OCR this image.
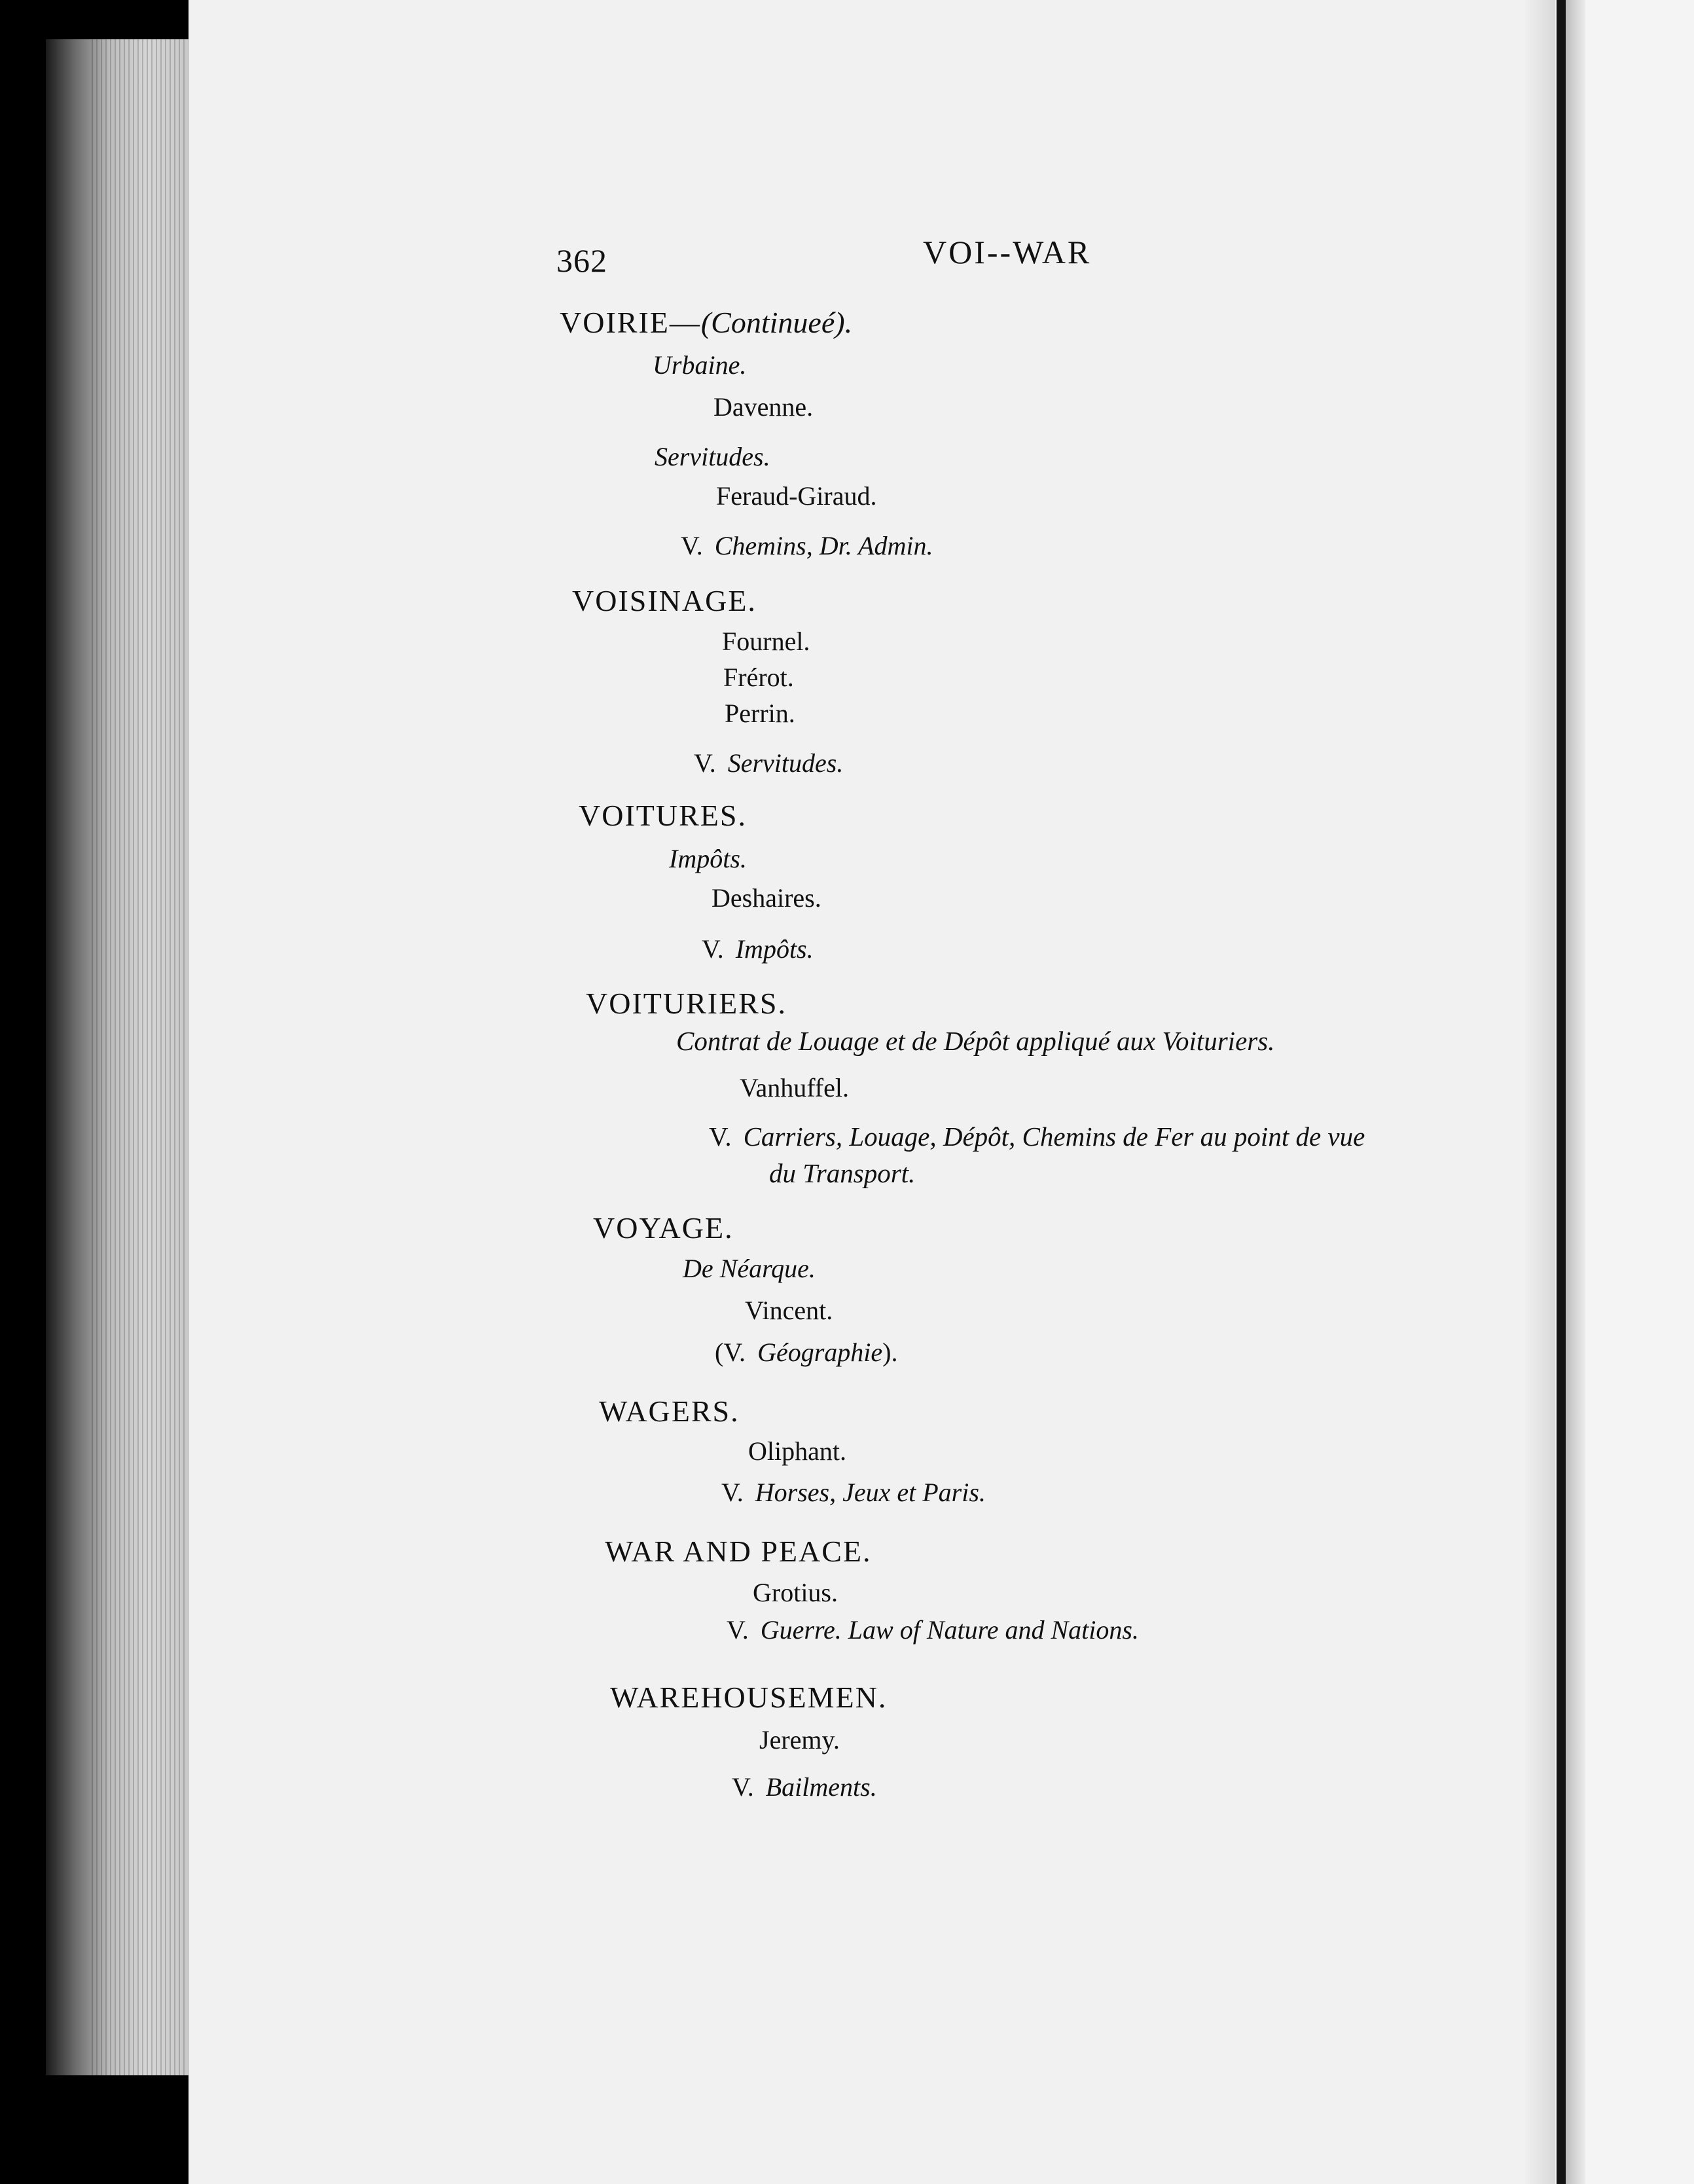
362	VOI--WAR
VOIRIE—(Continueé).
Urbaine.
Davenne.
Servitudes.
Feraud-Giraud.
V. Chemins, Dr. Admin.
VOISINAGE.
Fournel.
Frérot.
Perrin.
V. Servitudes.
VOITURES.
Impôts.
Deshaires.
V. Impôts.
VOITURIERS.
Contrat de Louage et de Dépôt appliqué aux Voituriers.
Vanhuffel.
V. Carriers, Louage, Dépôt, Chemins de Fer au point de vue
du Transport.
VOYAGE.
De Néarque.
Vincent.
(V. Géographie).
WAGERS.
Oliphant.
V. Horses, Jeux et Paris.
WAR AND PEACE.
Grotius.
V. Guerre. Law of Nature and Nations.
WAREHOUSEMEN.
Jeremy.
V. Bailments.
